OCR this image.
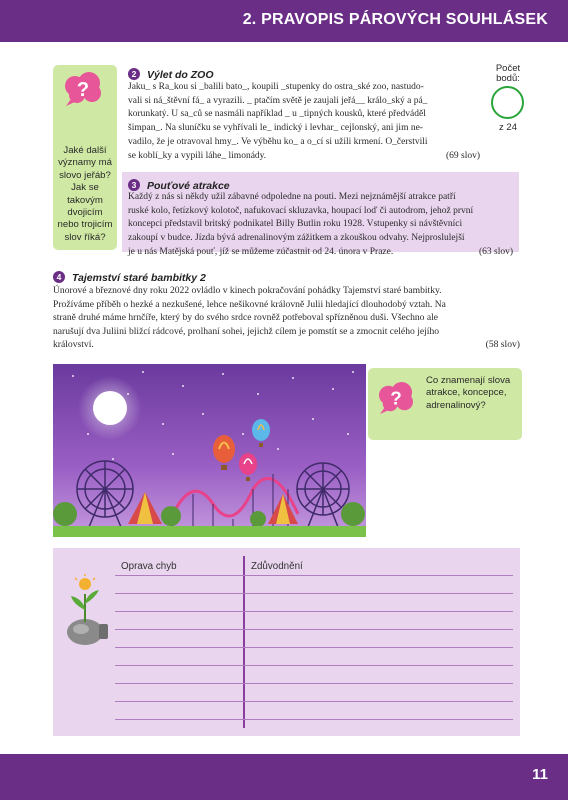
2. PRAVOPIS PÁROVÝCH SOUHLÁSEK
?
Jaké další významy má slovo jeřáb? Jak se takovým dvojicím nebo trojicím slov říká?
Počet bodů:
z 24
2 Výlet do ZOO
Jaku_ s Ra_kou si _balili bato_, koupili _stupenky do ostra_ské zoo, nastudo-
vali si ná_štěvní fá_ a vyrazili. _ ptačím světě je zaujali jeřá__ králo_ský a pá_
korunkatý. U sa_ců se nasmáli například _ u _tipných kousků, které předváděl
šimpan_. Na sluníčku se vyhřívali le_ indický i levhar_ cejlonský, ani jim ne-
vadilo, že je otravoval hmy_. Ve výběhu ko_ a o_cí si užili krmení. O_čerstvili
se koblí_ky a vypili láhe_ limonády.	(69 slov)
3 Pouťové atrakce
Každý z nás si někdy užil zábavné odpoledne na pouti. Mezi nejznámější atrakce patří
ruské kolo, řetízkový kolotoč, nafukovací skluzavka, houpací loď či autodrom, jehož první
koncepci představil britský podnikatel Billy Butlin roku 1928. Vstupenky si návštěvníci
zakoupí v budce. Jízda bývá adrenalinovým zážitkem a zkouškou odvahy. Nejproslulejší
je u nás Matějská pouť, jíž se můžeme zúčastnit od 24. února v Praze.	(63 slov)
4 Tajemství staré bambitky 2
Únorové a březnové dny roku 2022 ovládlo v kinech pokračování pohádky Tajemství staré bambitky.
Prožíváme příběh o hezké a nezkušené, lehce nešikovné královně Julii hledající dlouhodobý vztah. Na
straně druhé máme hrnčíře, který by do svého srdce rovněž potřeboval spřízněnou duši. Všechno ale
narušují dva Juliini bližcí rádcové, prolhaní sohei, jejichž cílem je pomstít se a zmocnit celého jejího
království.	(58 slov)
?
Co znamenají slova atrakce, koncepce, adrenalinový?
Oprava chyb	Zdůvodnění
11
